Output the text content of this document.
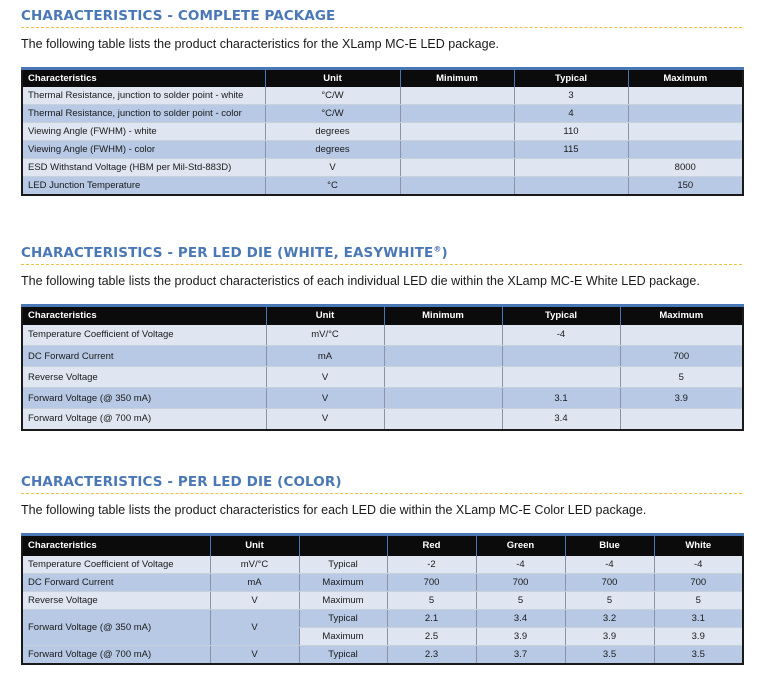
CHARACTERISTICS - COMPLETE PACKAGE
The following table lists the product characteristics for the XLamp MC-E LED package.
Characteristics	Unit	Minimum	Typical	Maximum
Thermal Resistance, junction to solder point - white	°C/W		3	
Thermal Resistance, junction to solder point - color	°C/W		4	
Viewing Angle (FWHM) - white	degrees		110	
Viewing Angle (FWHM) - color	degrees		115	
ESD Withstand Voltage (HBM per Mil-Std-883D)	V			8000
LED Junction Temperature	°C			150
CHARACTERISTICS - PER LED DIE (WHITE, EASYWHITE®)
The following table lists the product characteristics of each individual LED die within the XLamp MC-E White LED package.
Characteristics	Unit	Minimum	Typical	Maximum
Temperature Coefficient of Voltage	mV/°C		-4	
DC Forward Current	mA			700
Reverse Voltage	V			5
Forward Voltage (@ 350 mA)	V		3.1	3.9
Forward Voltage (@ 700 mA)	V		3.4	
CHARACTERISTICS - PER LED DIE (COLOR)
The following table lists the product characteristics for each LED die within the XLamp MC-E Color LED package.
Characteristics	Unit		Red	Green	Blue	White
Temperature Coefficient of Voltage	mV/°C	Typical	-2	-4	-4	-4
DC Forward Current	mA	Maximum	700	700	700	700
Reverse Voltage	V	Maximum	5	5	5	5
Forward Voltage (@ 350 mA)	V	Typical	2.1	3.4	3.2	3.1
		Maximum	2.5	3.9	3.9	3.9
Forward Voltage (@ 700 mA)	V	Typical	2.3	3.7	3.5	3.5
